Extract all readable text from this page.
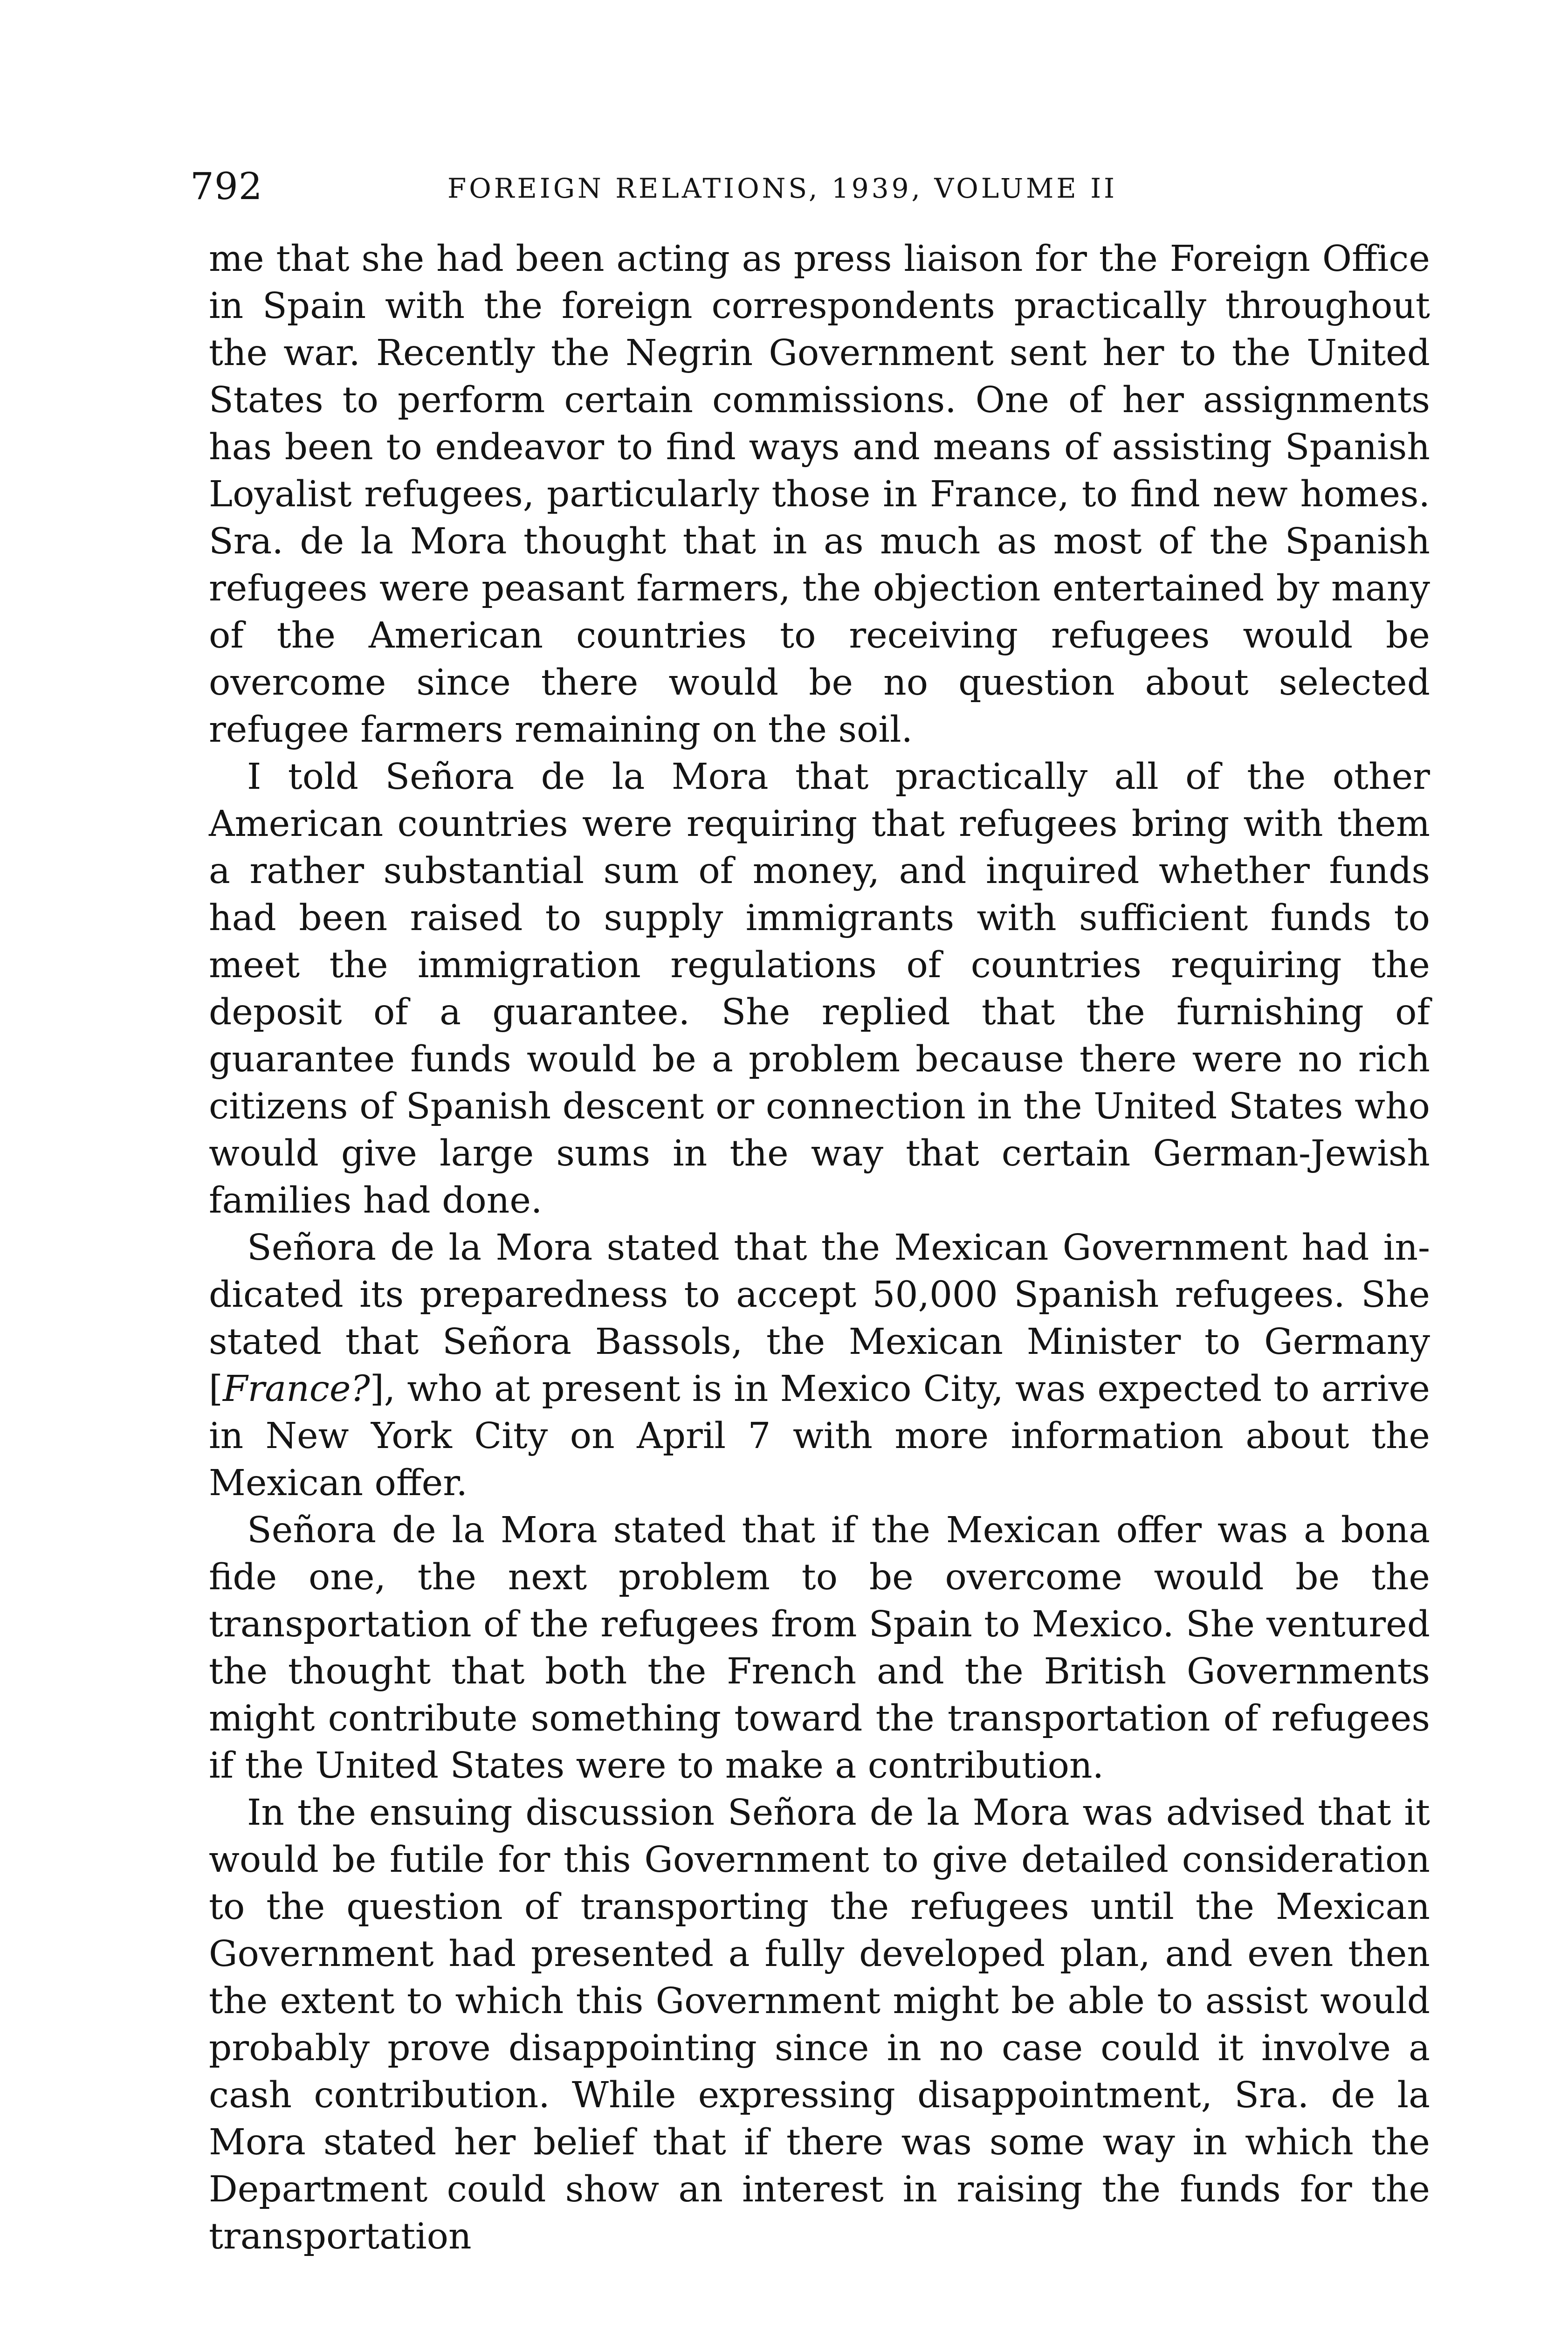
792	FOREIGN RELATIONS, 1939, VOLUME II

me that she had been acting as press liaison for the Foreign Office in Spain with the foreign correspondents practically throughout the war. Recently the Negrin Government sent her to the United States to perform certain commissions. One of her assignments has been to endeavor to find ways and means of assisting Spanish Loyalist refugees, particularly those in France, to find new homes. Sra. de la Mora thought that in as much as most of the Spanish refugees were peasant farmers, the objection entertained by many of the American countries to receiving refugees would be overcome since there would be no question about selected refugee farmers remaining on the soil.

I told Señora de la Mora that practically all of the other American countries were requiring that refugees bring with them a rather substantial sum of money, and inquired whether funds had been raised to supply immigrants with sufficient funds to meet the immigration regulations of countries requiring the deposit of a guarantee. She replied that the furnishing of guarantee funds would be a problem because there were no rich citizens of Spanish descent or connection in the United States who would give large sums in the way that certain German-Jewish families had done.

Señora de la Mora stated that the Mexican Government had indicated its preparedness to accept 50,000 Spanish refugees. She stated that Señora Bassols, the Mexican Minister to Germany [France?], who at present is in Mexico City, was expected to arrive in New York City on April 7 with more information about the Mexican offer.

Señora de la Mora stated that if the Mexican offer was a bona fide one, the next problem to be overcome would be the transportation of the refugees from Spain to Mexico. She ventured the thought that both the French and the British Governments might contribute something toward the transportation of refugees if the United States were to make a contribution.

In the ensuing discussion Señora de la Mora was advised that it would be futile for this Government to give detailed consideration to the question of transporting the refugees until the Mexican Government had presented a fully developed plan, and even then the extent to which this Government might be able to assist would probably prove disappointing since in no case could it involve a cash contribution. While expressing disappointment, Sra. de la Mora stated her belief that if there was some way in which the Department could show an interest in raising the funds for the transportation
